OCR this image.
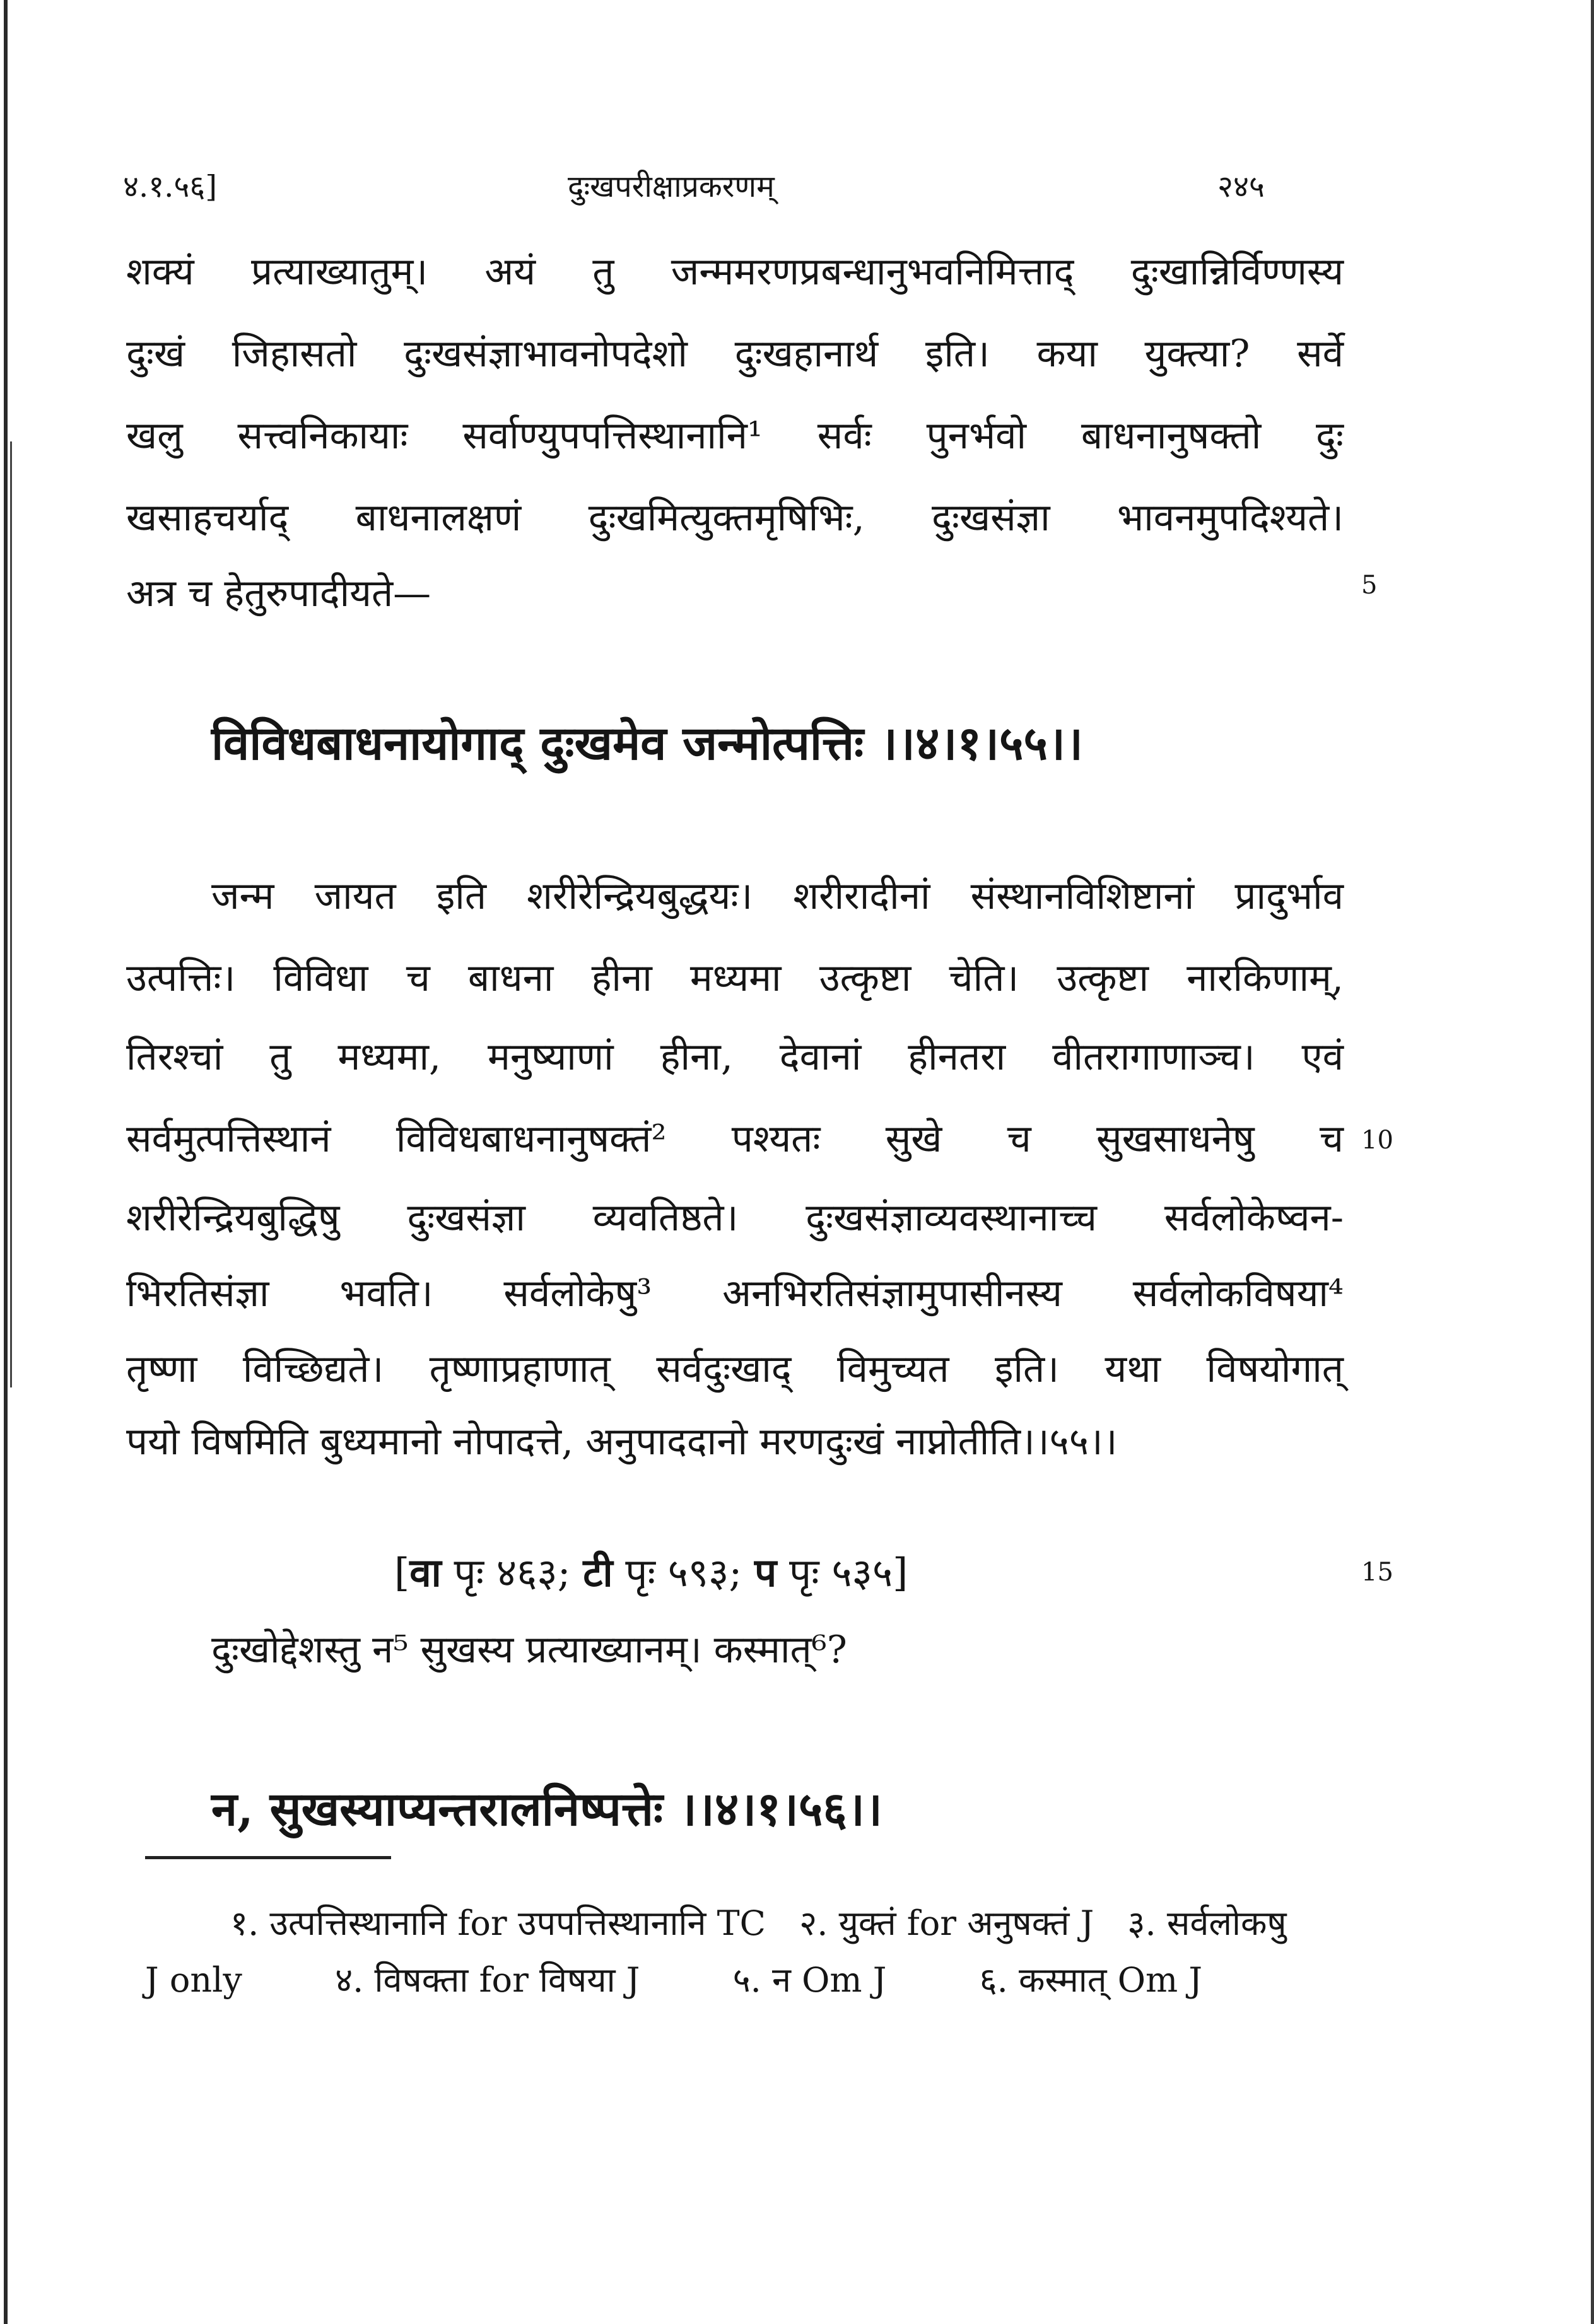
४.१.५६]	दुःखपरीक्षाप्रकरणम्	२४५
शक्यं प्रत्याख्यातुम्। अयं तु जन्ममरणप्रबन्धानुभवनिमित्ताद् दुःखान्निर्विण्णस्य
दुःखं जिहासतो दुःखसंज्ञाभावनोपदेशो दुःखहानार्थ इति। कया युक्त्या? सर्वे
खलु सत्त्वनिकायाः सर्वाण्युपपत्तिस्थानानि¹ सर्वः पुनर्भवो बाधनानुषक्तो दुः
खसाहचर्याद् बाधनालक्षणं दुःखमित्युक्तमृषिभिः, दुःखसंज्ञा भावनमुपदिश्यते।
अत्र च हेतुरुपादीयते—	5
विविधबाधनायोगाद् दुःखमेव जन्मोत्पत्तिः ।।४।१।५५।।
जन्म जायत इति शरीरेन्द्रियबुद्धयः। शरीरादीनां संस्थानविशिष्टानां प्रादुर्भाव
उत्पत्तिः। विविधा च बाधना हीना मध्यमा उत्कृष्टा चेति। उत्कृष्टा नारकिणाम्,
तिरश्चां तु मध्यमा, मनुष्याणां हीना, देवानां हीनतरा वीतरागाणाञ्च। एवं
सर्वमुत्पत्तिस्थानं विविधबाधनानुषक्तं² पश्यतः सुखे च सुखसाधनेषु च 10
शरीरेन्द्रियबुद्धिषु दुःखसंज्ञा व्यवतिष्ठते। दुःखसंज्ञाव्यवस्थानाच्च सर्वलोकेष्वन-
भिरतिसंज्ञा भवति। सर्वलोकेषु³ अनभिरतिसंज्ञामुपासीनस्य सर्वलोकविषया⁴
तृष्णा विच्छिद्यते। तृष्णाप्रहाणात् सर्वदुःखाद् विमुच्यत इति। यथा विषयोगात्
पयो विषमिति बुध्यमानो नोपादत्ते, अनुपाददानो मरणदुःखं नाप्नोतीति।।५५।।
[वा पृः ४६३; टी पृः ५९३; प पृः ५३५]	15
दुःखोद्देशस्तु न⁵ सुखस्य प्रत्याख्यानम्। कस्मात्⁶?
न, सुखस्याप्यन्तरालनिष्पत्तेः ।।४।१।५६।।
१. उत्पत्तिस्थानानि for उपपत्तिस्थानानि TC २. युक्तं for अनुषक्तं J ३. सर्वलोकषु
J only	४. विषक्ता for विषया J	५. न Om J	६. कस्मात् Om J
